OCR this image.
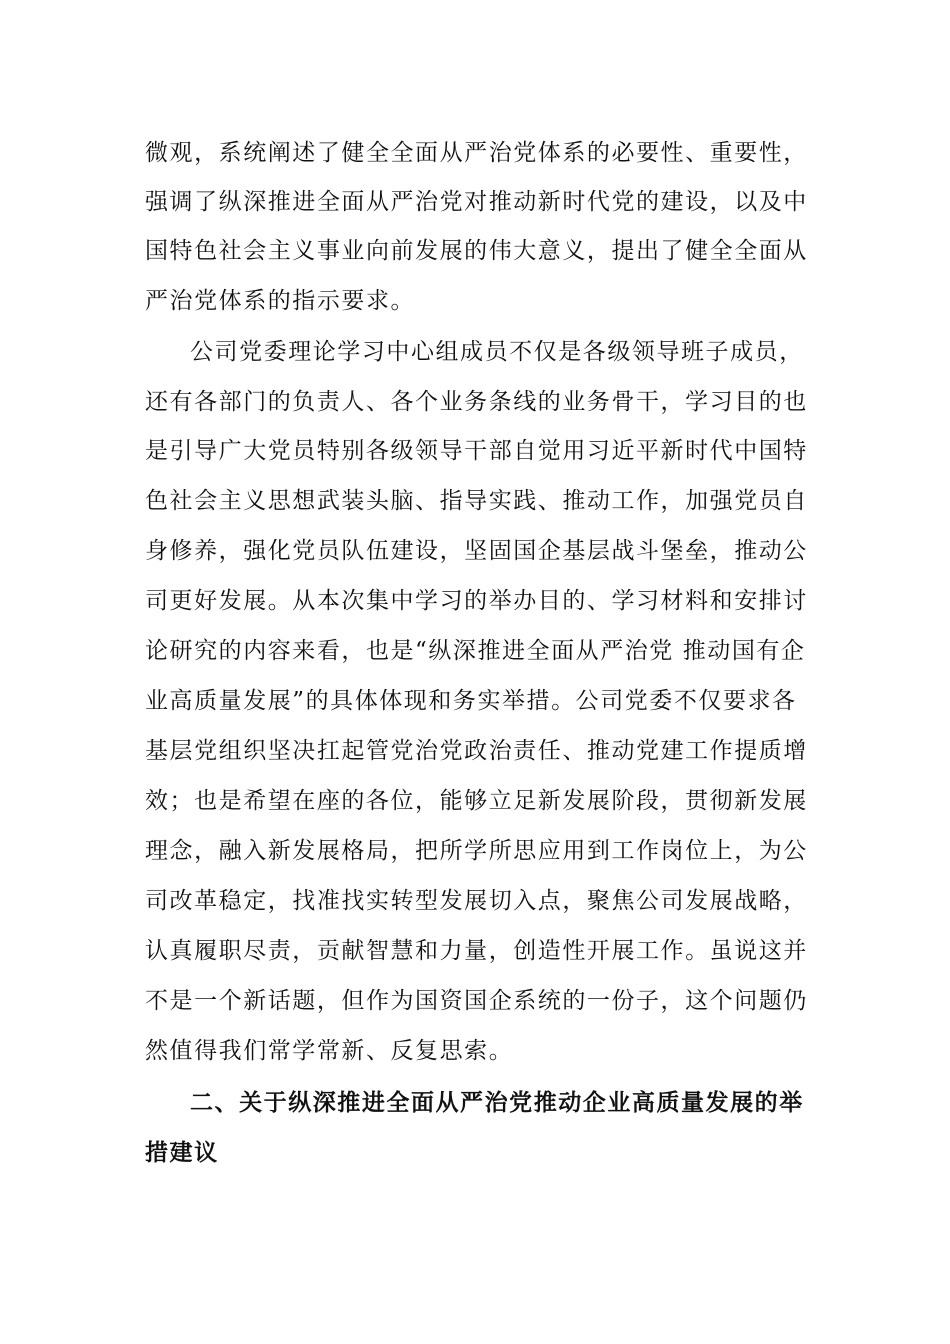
微观，系统阐述了健全全面从严治党体系的必要性、重要性，
强调了纵深推进全面从严治党对推动新时代党的建设，以及中
国特色社会主义事业向前发展的伟大意义，提出了健全全面从
严治党体系的指示要求。
公司党委理论学习中心组成员不仅是各级领导班子成员，
还有各部门的负责人、各个业务条线的业务骨干，学习目的也
是引导广大党员特别各级领导干部自觉用习近平新时代中国特
色社会主义思想武装头脑、指导实践、推动工作，加强党员自
身修养，强化党员队伍建设，坚固国企基层战斗堡垒，推动公
司更好发展。从本次集中学习的举办目的、学习材料和安排讨
论研究的内容来看，也是“纵深推进全面从严治党 推动国有企
业高质量发展”的具体体现和务实举措。公司党委不仅要求各
基层党组织坚决扛起管党治党政治责任、推动党建工作提质增
效；也是希望在座的各位，能够立足新发展阶段，贯彻新发展
理念，融入新发展格局，把所学所思应用到工作岗位上，为公
司改革稳定，找准找实转型发展切入点，聚焦公司发展战略，
认真履职尽责，贡献智慧和力量，创造性开展工作。虽说这并
不是一个新话题，但作为国资国企系统的一份子，这个问题仍
然值得我们常学常新、反复思索。
二、关于纵深推进全面从严治党推动企业高质量发展的举
措建议
